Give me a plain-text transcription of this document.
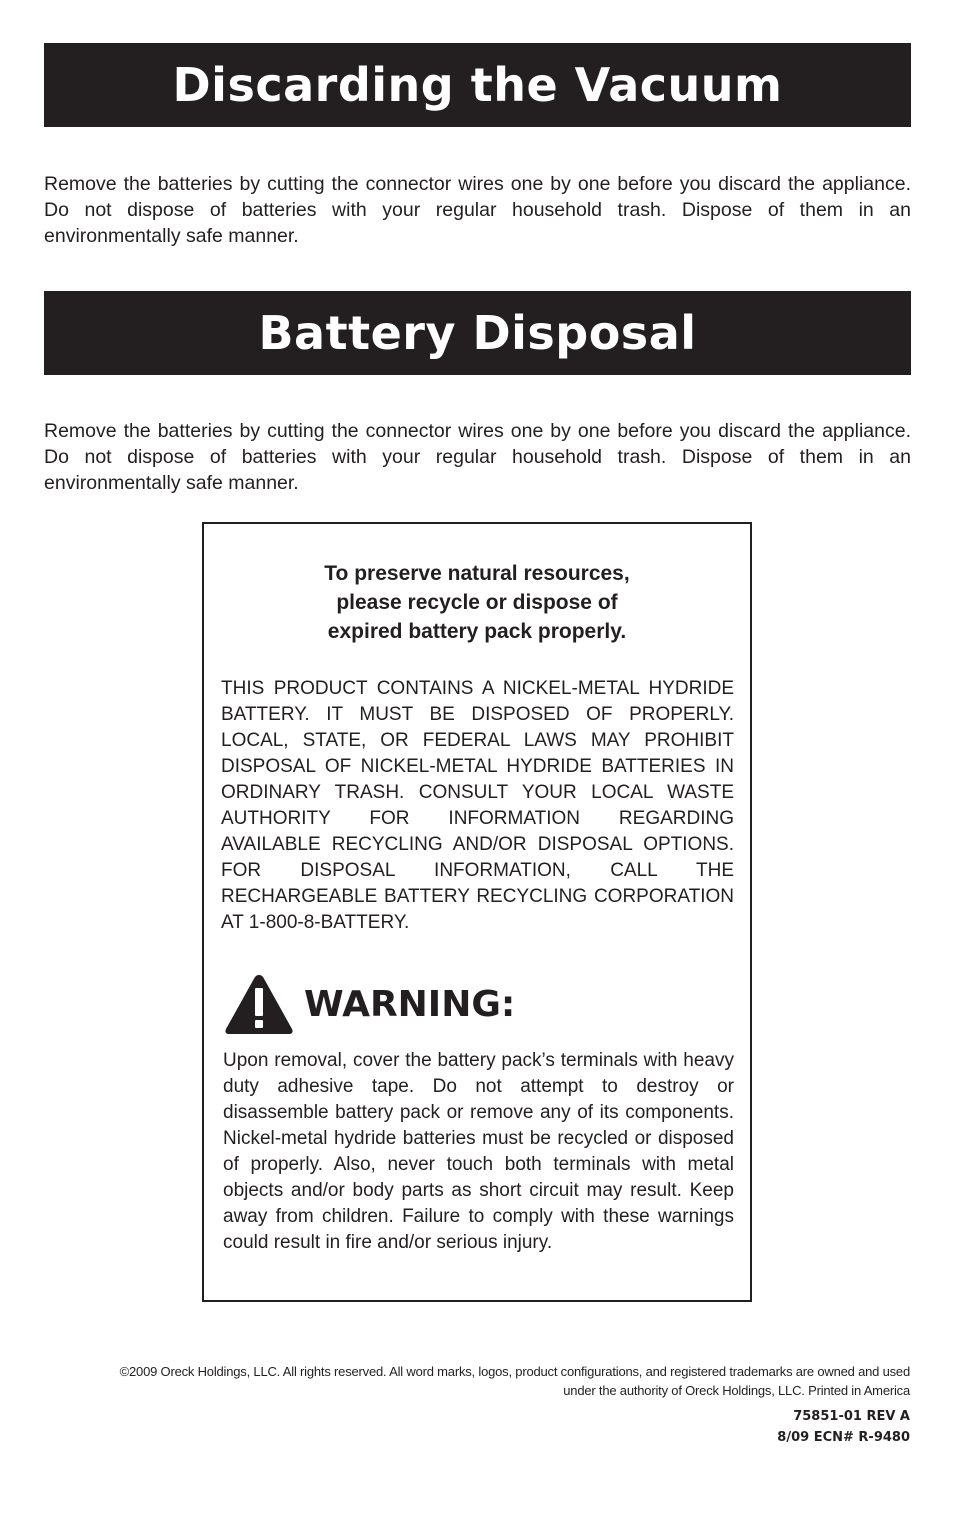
Discarding the Vacuum

Remove the batteries by cutting the connector wires one by one before you discard the appliance. Do not dispose of batteries with your regular household trash. Dispose of them in an environmentally safe manner.

Battery Disposal

Remove the batteries by cutting the connector wires one by one before you discard the appliance. Do not dispose of batteries with your regular household trash. Dispose of them in an environmentally safe manner.

To preserve natural resources,
please recycle or dispose of
expired battery pack properly.

THIS PRODUCT CONTAINS A NICKEL-METAL HYDRIDE BATTERY. IT MUST BE DISPOSED OF PROPERLY. LOCAL, STATE, OR FEDERAL LAWS MAY PROHIBIT DISPOSAL OF NICKEL-METAL HYDRIDE BATTERIES IN ORDINARY TRASH. CONSULT YOUR LOCAL WASTE AUTHORITY FOR INFORMATION REGARDING AVAILABLE RECYCLING AND/OR DISPOSAL OPTIONS. FOR DISPOSAL INFORMATION, CALL THE RECHARGEABLE BATTERY RECYCLING CORPORATION AT 1-800-8-BATTERY.

WARNING:

Upon removal, cover the battery pack’s terminals with heavy duty adhesive tape. Do not attempt to destroy or disassemble battery pack or remove any of its components. Nickel-metal hydride batteries must be recycled or disposed of properly. Also, never touch both terminals with metal objects and/or body parts as short circuit may result. Keep away from children. Failure to comply with these warnings could result in fire and/or serious injury.

©2009 Oreck Holdings, LLC. All rights reserved. All word marks, logos, product configurations, and registered trademarks are owned and used
under the authority of Oreck Holdings, LLC. Printed in America
75851-01 REV A
8/09 ECN# R-9480
